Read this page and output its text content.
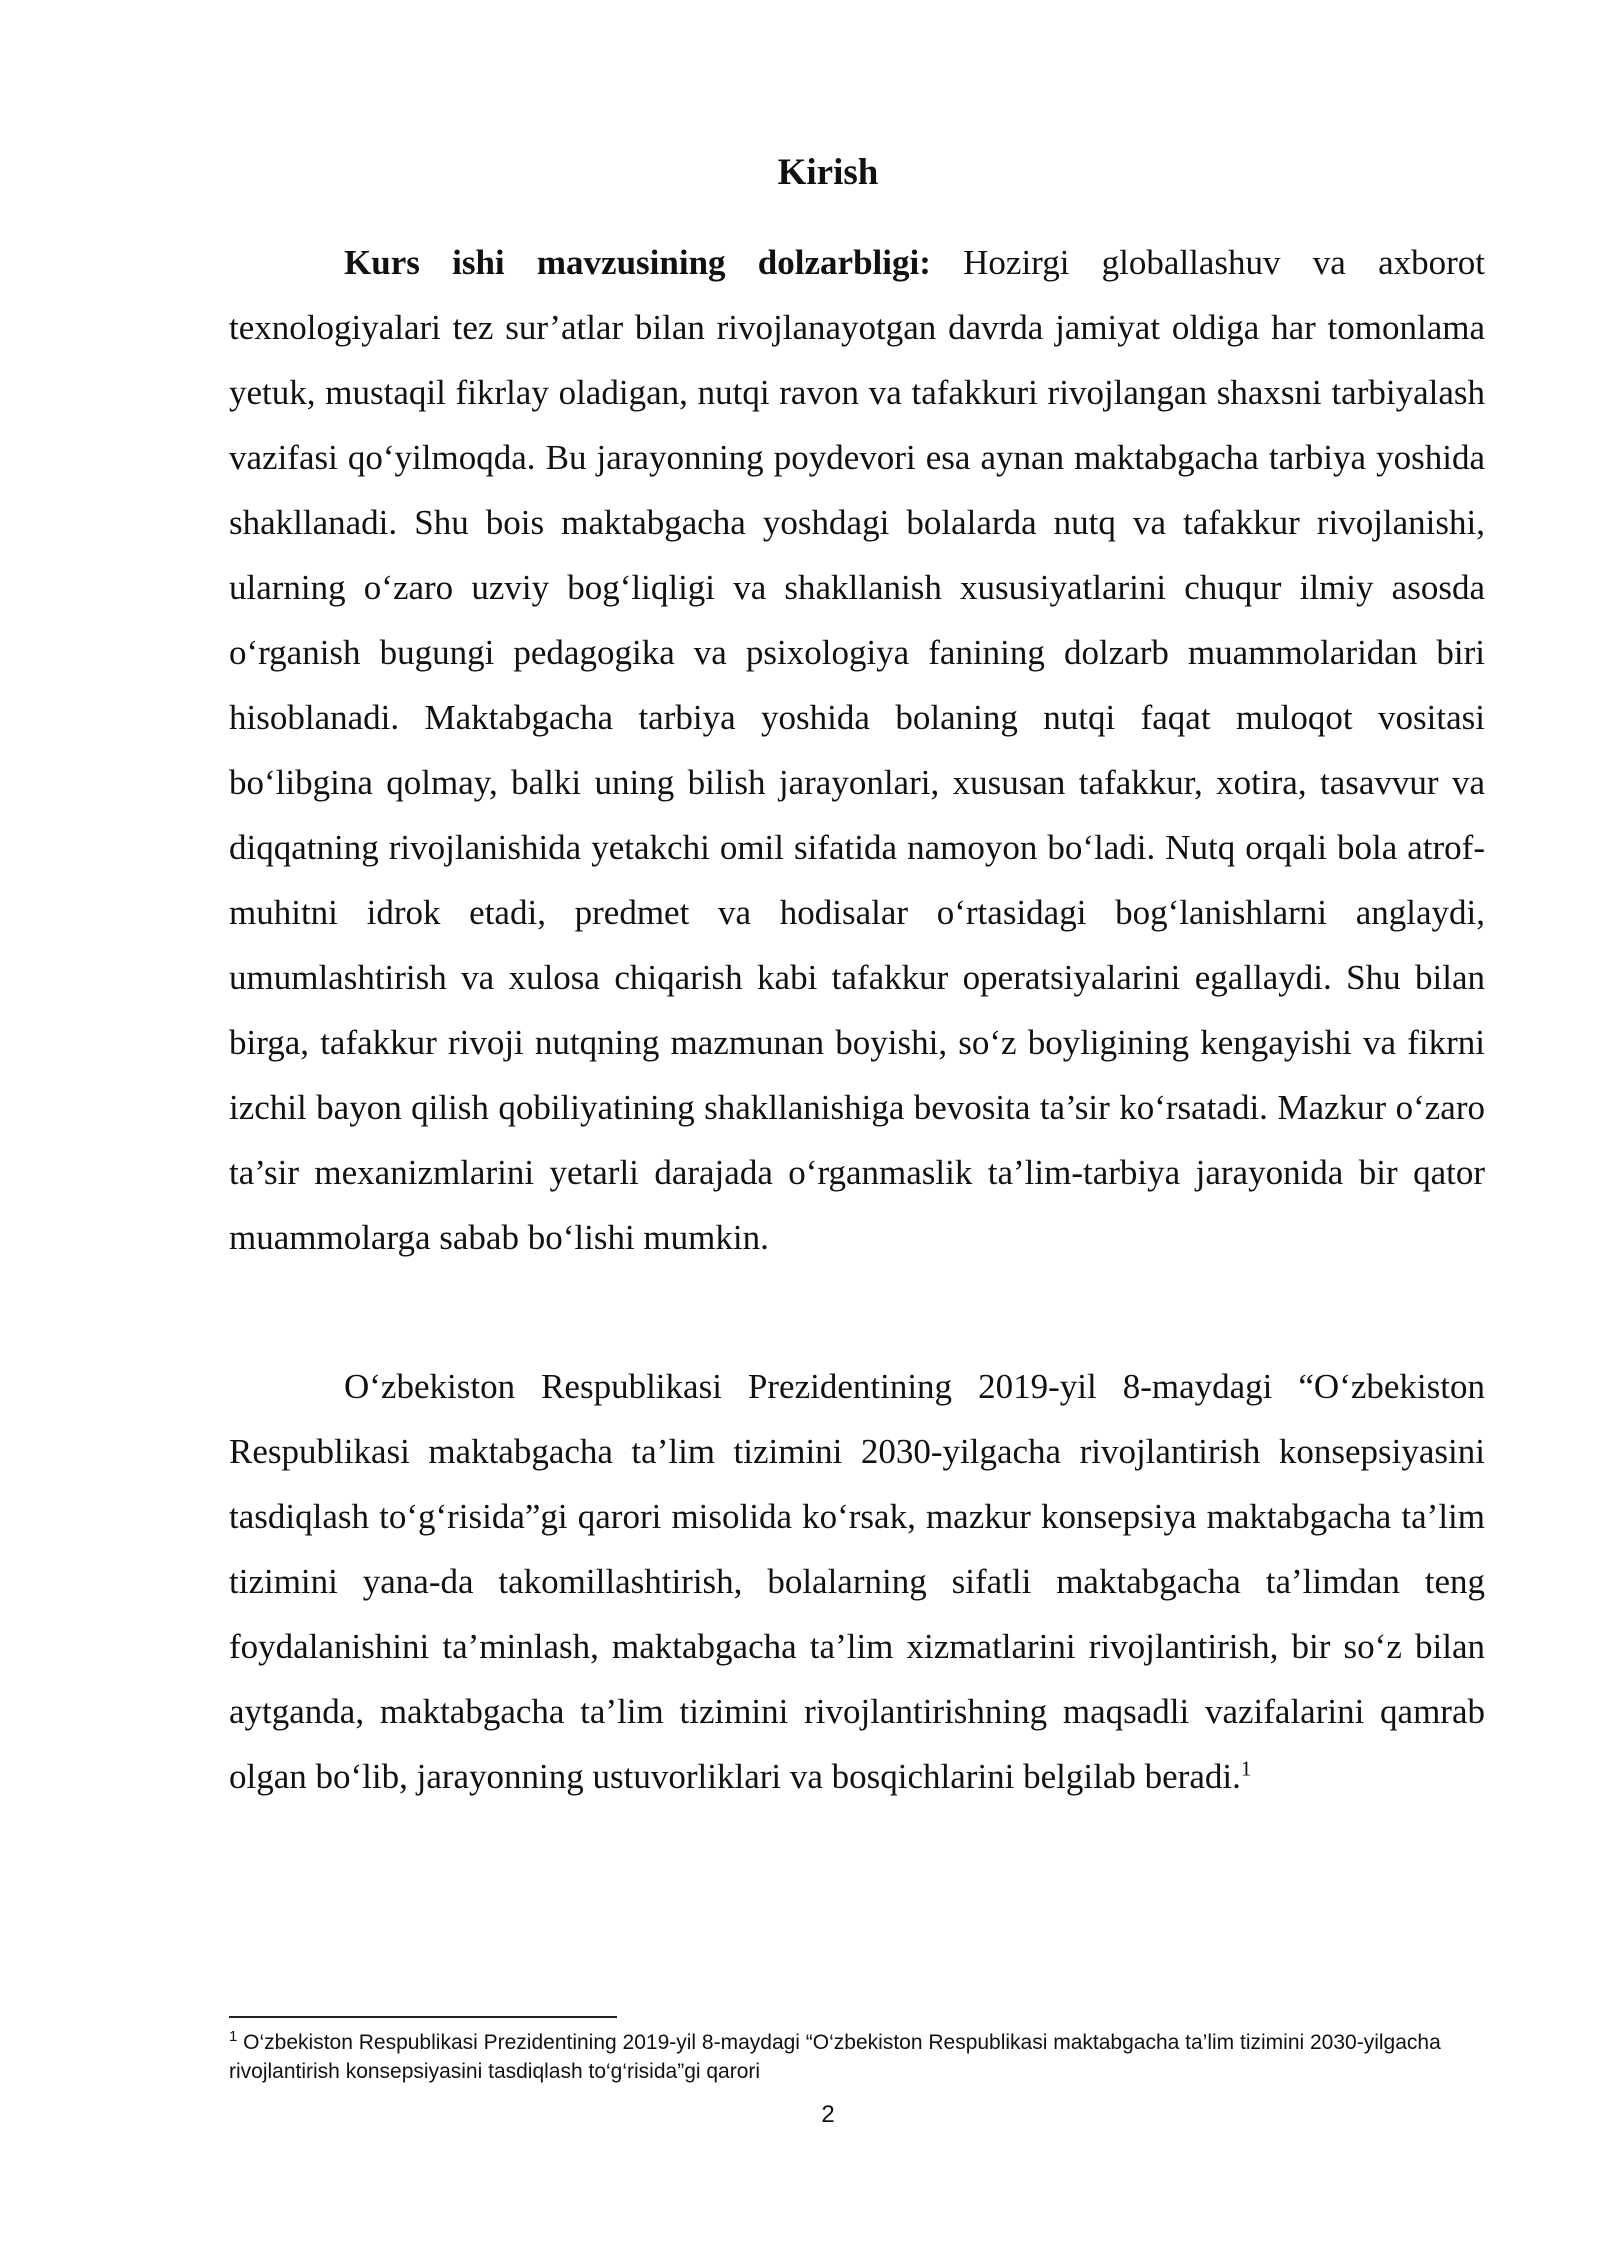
Kirish

Kurs ishi mavzusining dolzarbligi: Hozirgi globallashuv va axborot texnologiyalari tez sur’atlar bilan rivojlanayotgan davrda jamiyat oldiga har tomonlama yetuk, mustaqil fikrlay oladigan, nutqi ravon va tafakkuri rivojlangan shaxsni tarbiyalash vazifasi qo‘yilmoqda. Bu jarayonning poydevori esa aynan maktabgacha tarbiya yoshida shakllanadi. Shu bois maktabgacha yoshdagi bolalarda nutq va tafakkur rivojlanishi, ularning o‘zaro uzviy bog‘liqligi va shakllanish xususiyatlarini chuqur ilmiy asosda o‘rganish bugungi pedagogika va psixologiya fanining dolzarb muammolaridan biri hisoblanadi. Maktabgacha tarbiya yoshida bolaning nutqi faqat muloqot vositasi bo‘libgina qolmay, balki uning bilish jarayonlari, xususan tafakkur, xotira, tasavvur va diqqatning rivojlanishida yetakchi omil sifatida namoyon bo‘ladi. Nutq orqali bola atrof-muhitni idrok etadi, predmet va hodisalar o‘rtasidagi bog‘lanishlarni anglaydi, umumlashtirish va xulosa chiqarish kabi tafakkur operatsiyalarini egallaydi. Shu bilan birga, tafakkur rivoji nutqning mazmunan boyishi, so‘z boyligining kengayishi va fikrni izchil bayon qilish qobiliyatining shakllanishiga bevosita ta’sir ko‘rsatadi. Mazkur o‘zaro ta’sir mexanizmlarini yetarli darajada o‘rganmaslik ta’lim-tarbiya jarayonida bir qator muammolarga sabab bo‘lishi mumkin.

O‘zbekiston Respublikasi Prezidentining 2019-yil 8-maydagi “O‘zbekiston Respublikasi maktabgacha ta’lim tizimini 2030-yilgacha rivojlantirish konsepsiyasini tasdiqlash to‘g‘risida”gi qarori misolida ko‘rsak, mazkur konsepsiya maktabgacha ta’lim tizimini yana-da takomillashtirish, bolalarning sifatli maktabgacha ta’limdan teng foydalanishini ta’minlash, maktabgacha ta’lim xizmatlarini rivojlantirish, bir so‘z bilan aytganda, maktabgacha ta’lim tizimini rivojlantirishning maqsadli vazifalarini qamrab olgan bo‘lib, jarayonning ustuvorliklari va bosqichlarini belgilab beradi.$^1$

$^1$ O‘zbekiston Respublikasi Prezidentining 2019-yil 8-maydagi “O‘zbekiston Respublikasi maktabgacha ta’lim tizimini 2030-yilgacha rivojlantirish konsepsiyasini tasdiqlash to‘g‘risida”gi qarori

2
